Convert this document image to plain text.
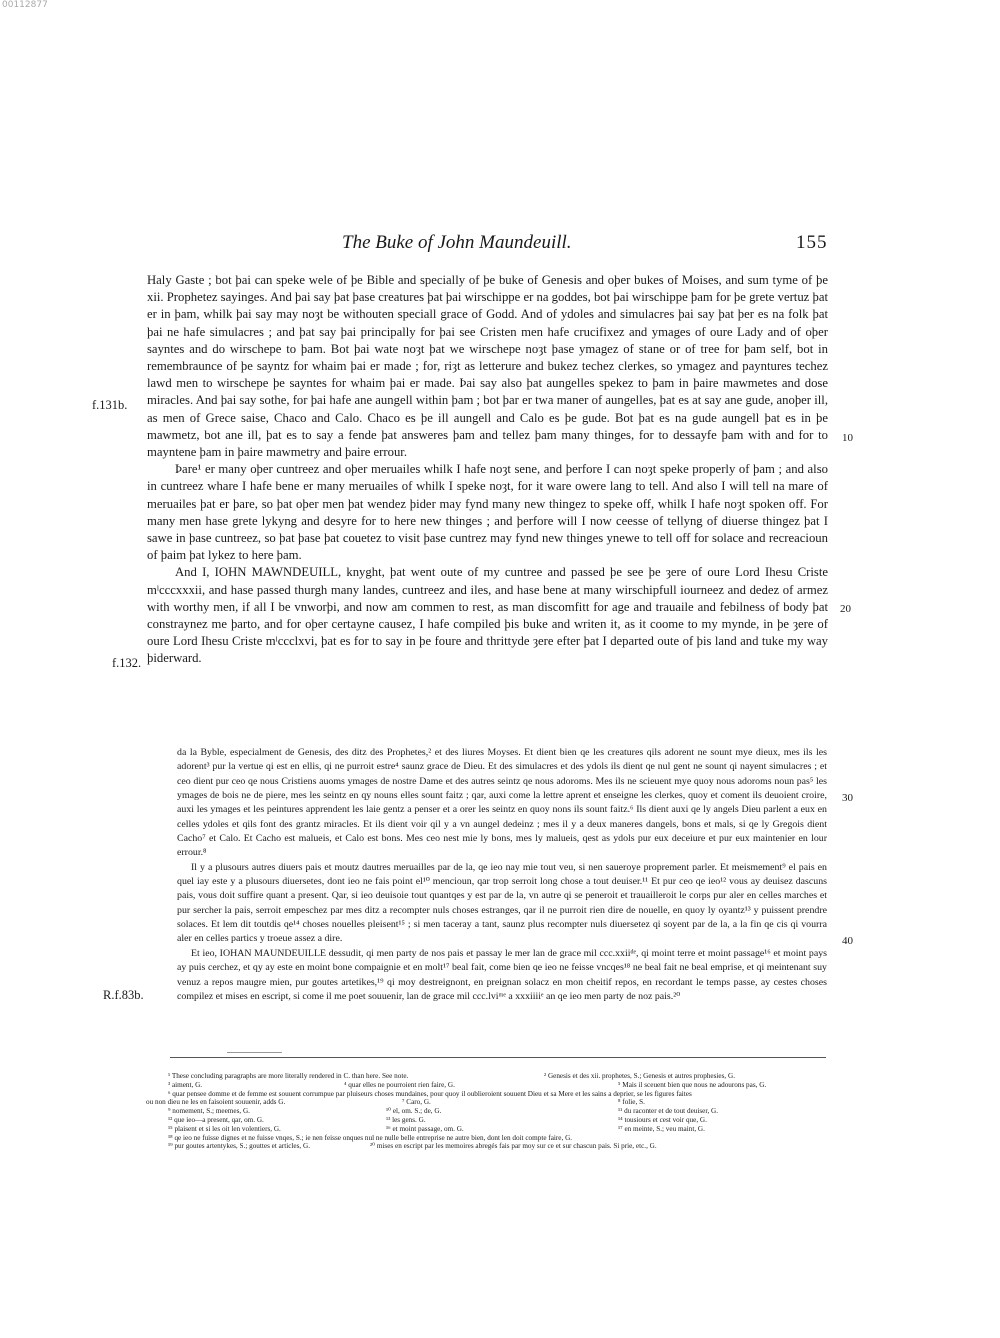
00112877
The Buke of John Maundeuill.	155

Haly Gaste ; bot þai can speke wele of þe Bible and specially of þe buke of Genesis and oþer bukes of Moises, and sum tyme of þe xii. Prophetez sayinges. And þai say þat þase creatures þat þai wirschippe er na goddes, bot þai wirschippe þam for þe grete vertuz þat er in þam, whilk þai say may noȝt be withouten speciall grace of Godd. And of ydoles and simulacres þai say þat þer es na folk þat þai ne hafe simulacres ; and þat say þai principally for þai see Cristen men hafe crucifixez and ymages of oure Lady and of oþer sayntes and do wirschepe to þam. Bot þai wate noȝt þat we wirschepe noȝt þase ymagez of stane or of tree for þam self, bot in remembraunce of þe sayntz for whaim þai er made ; for, riȝt as letterure and bukez techez clerkes, so ymagez and payntures techez lawd men to wirschepe þe sayntes for whaim þai er made. Þai say also þat aungelles spekez to þam in þaire mawmetes and dose miracles. And þai say sothe, for þai hafe ane aungell within þam ; bot þar er twa maner of aungelles, þat es at say ane gude, anoþer ill, as men of Grece saise, Chaco and Calo. Chaco es þe ill aungell and Calo es þe gude. Bot þat es na gude aungell þat es in þe mawmetz, bot ane ill, þat es to say a fende þat answeres þam and tellez þam many thinges, for to dessayfe þam with and for to mayntene þam in þaire mawmetry and þaire errour.

Þare¹ er many oþer cuntreez and oþer meruailes whilk I hafe noȝt sene, and þerfore I can noȝt speke properly of þam ; and also in cuntreez whare I hafe bene er many meruailes of whilk I speke noȝt, for it ware owere lang to tell. And also I will tell na mare of meruailes þat er þare, so þat oþer men þat wendez þider may fynd many new thingez to speke off, whilk I hafe noȝt spoken off. For many men hase grete lykyng and desyre for to here new thinges ; and þerfore will I now ceesse of tellyng of diuerse thingez þat I sawe in þase cuntreez, so þat þase þat couetez to visit þase cuntrez may fynd new thinges ynewe to tell off for solace and recreacioun of þaim þat lykez to here þam.

And I, IOHN MAWNDEUILL, knyght, þat went oute of my cuntree and passed þe see þe ȝere of oure Lord Ihesu Criste mˡcccxxxii, and hase passed thurgh many landes, cuntreez and iles, and hase bene at many wirschipfull iourneez and dedez of armez with worthy men, if all I be vnworþi, and now am commen to rest, as man discomfitt for age and trauaile and febilness of body þat constraynez me þarto, and for oþer certayne causez, I hafe compiled þis buke and writen it, as it coome to my mynde, in þe ȝere of oure Lord Ihesu Criste mˡccclxvi, þat es for to say in þe foure and thrittyde ȝere efter þat I departed oute of þis land and tuke my way þiderward.

f.131b.
f.132.
R.f.83b.
10
20
30
40

da la Byble, especialment de Genesis, des ditz des Prophetes,² et des liures Moyses. Et dient bien qe les creatures qils adorent ne sount mye dieux, mes ils les adorent³ pur la vertue qi est en ellis, qi ne purroit estre⁴ saunz grace de Dieu. Et des simulacres et des ydols ils dient qe nul gent ne sount qi nayent simulacres ; et ceo dient pur ceo qe nous Cristiens auoms ymages de nostre Dame et des autres seintz qe nous adoroms. Mes ils ne scieuent mye quoy nous adoroms noun pas⁵ les ymages de bois ne de piere, mes les seintz en qy nouns elles sount faitz ; qar, auxi come la lettre aprent et enseigne les clerkes, quoy et coment ils deuoient croire, auxi les ymages et les peintures apprendent les laie gentz a penser et a orer les seintz en quoy nons ils sount faitz.⁶ Ils dient auxi qe ly angels Dieu parlent a eux en celles ydoles et qils font des grantz miracles. Et ils dient voir qil y a vn aungel dedeinz ; mes il y a deux maneres dangels, bons et mals, si qe ly Gregois dient Cacho⁷ et Calo. Et Cacho est malueis, et Calo est bons. Mes ceo nest mie ly bons, mes ly malueis, qest as ydols pur eux deceiure et pur eux maintenier en lour errour.⁸

Il y a plusours autres diuers pais et moutz dautres meruailles par de la, qe ieo nay mie tout veu, si nen saueroye proprement parler. Et meismement⁹ el pais en quel iay este y a plusours diuersetes, dont ieo ne fais point el¹⁰ mencioun, qar trop serroit long chose a tout deuiser.¹¹ Et pur ceo qe ieo¹² vous ay deuisez dascuns pais, vous doit suffire quant a present. Qar, si ieo deuisoie tout quantqes y est par de la, vn autre qi se peneroit et trauailleroit le corps pur aler en celles marches et pur sercher la pais, serroit empeschez par mes ditz a recompter nuls choses estranges, qar il ne purroit rien dire de nouelle, en quoy ly oyantz¹³ y puissent prendre solaces. Et lem dit toutdis qe¹⁴ choses nouelles pleisent¹⁵ ; si men taceray a tant, saunz plus recompter nuls diuersetez qi soyent par de la, a la fin qe cis qi vourra aler en celles partics y troeue assez a dire.

Et ieo, IOHAN MAUNDEUILLE dessudit, qi men party de nos pais et passay le mer lan de grace mil ccc.xxiiᵈᵉ, qi moint terre et moint passage¹⁶ et moint pays ay puis cerchez, et qy ay este en moint bone compaignie et en molt¹⁷ beal fait, come bien qe ieo ne feisse vncqes¹⁸ ne beal fait ne beal emprise, et qi meintenant suy venuz a repos maugre mien, pur goutes artetikes,¹⁹ qi moy destreignont, en preignan solacz en mon cheitif repos, en recordant le temps passe, ay cestes choses compilez et mises en escript, si come il me poet souuenir, lan de grace mil ccc.lviᵐᵉ a xxxiiiiᵉ an qe ieo men party de noz pais.²⁰

¹ These concluding paragraphs are more literally rendered in C. than here. See note.	² Genesis et des xii. prophetes, S.; Genesis et autres prophesies, G.
³ aiment, G.	⁴ quar elles ne pourroient rien faire, G.	⁵ Mais il sceuent bien que nous ne adourons pas, G.
⁶ quar pensee domme et de femme est souuent corrumpue par pluiseurs choses mundaines, pour quoy il oublieroient souuent Dieu et sa Mere et les sains a deprier, se les figures faites
ou non dieu ne les en faisoient souuenir, adds G.	⁷ Caro, G.	⁸ folie, S.
⁹ nomement, S.; meemes, G.	¹⁰ el, om. S.; de, G.	¹¹ du raconter et de tout deuiser, G.
¹² que ieo—a present, qar, om. G.	¹³ les gens. G.	¹⁴ tousiours et cest voir que, G.
¹⁵ plaisent et si les oit len volentiers, G.	¹⁶ et moint passage, om. G.	¹⁷ en meinte, S.; veu maint, G.
¹⁸ qe ieo ne fuisse dignes et ne fuisse vnqes, S.; ie nen feisse onques nul ne nulle belle entreprise ne autre bien, dont len doit compte faire, G.
¹⁹ pur goutes artentykes, S.; gouttes et articles, G.	²⁰ mises en escript par les memoires abregés fais par moy sur ce et sur chascun pais. Si prie, etc., G.
